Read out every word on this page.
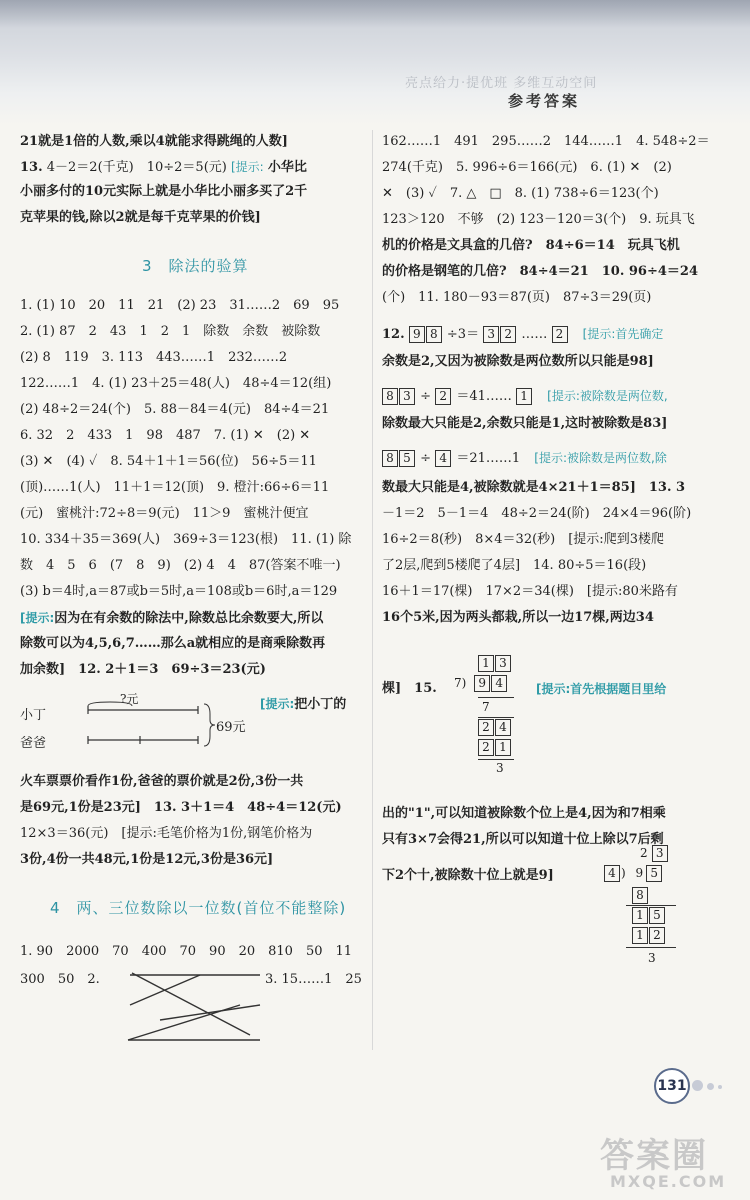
亮点给力·提优班 多维互动空间
参考答案
21就是1倍的人数,乘以4就能求得跳绳的人数]
13. 4－2＝2(千克)　10÷2＝5(元) [提示: 小华比
小丽多付的10元实际上就是小华比小丽多买了2千
克苹果的钱,除以2就是每千克苹果的价钱]
3　除法的验算
1. (1) 10　20　11　21　(2) 23　31……2　69　95
2. (1) 87　2　43　1　2　1　除数　余数　被除数
(2) 8　119　3. 113　443……1　232……2
122……1　4. (1) 23＋25＝48(人)　48÷4＝12(组)
(2) 48÷2＝24(个)　5. 88－84＝4(元)　84÷4＝21
6. 32　2　433　1　98　487　7. (1) ✕　(2) ✕
(3) ✕　(4) ✓　8. 54＋1＋1＝56(位)　56÷5＝11
(顶)……1(人)　11＋1＝12(顶)　9. 橙汁:66÷6＝11
(元)　蜜桃汁:72÷8＝9(元)　11＞9　蜜桃汁便宜
10. 334＋35＝369(人)　369÷3＝123(根)　11. (1) 除
数　4　5　6　(7　8　9)　(2) 4　4　87(答案不唯一)
(3) b＝4时,a＝87或b＝5时,a＝108或b＝6时,a＝129
[提示:因为在有余数的除法中,除数总比余数要大,所以
除数可以为4,5,6,7……那么a就相应的是商乘除数再
加余数]　12. 2＋1＝3　69÷3＝23(元)
?元
小丁
爸爸
69元
[提示:把小丁的
火车票票价看作1份,爸爸的票价就是2份,3份一共
是69元,1份是23元]　13. 3＋1＝4　48÷4＝12(元)
12×3＝36(元)　[提示:毛笔价格为1份,钢笔价格为
3份,4份一共48元,1份是12元,3份是36元]
4　两、三位数除以一位数(首位不能整除)
1. 90　2000　70　400　70　90　20　810　50　11
300　50　2.	3. 15……1　25
162……1　491　295……2　144……1　4. 548÷2＝
274(千克)　5. 996÷6＝166(元)　6. (1) ✕　(2)
✕　(3) ✓　7. △　□　8. (1) 738÷6＝123(个)
123＞120　不够　(2) 123－120＝3(个)　9. 玩具飞
机的价格是文具盒的几倍?　84÷6＝14　玩具飞机
的价格是钢笔的几倍?　84÷4＝21　10. 96÷4＝24
(个)　11. 180－93＝87(页)　87÷3＝29(页)
12. 9 8 ÷3＝ 3 2 …… 2 [提示:首先确定
余数是2,又因为被除数是两位数所以只能是98]
8 3 ÷ 2 ＝41…… 1 [提示:被除数是两位数,
除数最大只能是2,余数只能是1,这时被除数是83]
8 5 ÷ 4 ＝21……1 [提示:被除数是两位数,除
数最大只能是4,被除数就是4×21＋1＝85]　13. 3
－1＝2　5－1＝4　48÷2＝24(阶)　24×4＝96(阶)
16÷2＝8(秒)　8×4＝32(秒)　[提示:爬到3楼爬
了2层,爬到5楼爬了4层]　14. 80÷5＝16(段)
16＋1＝17(棵)　17×2＝34(棵)　[提示:80米路有
16个5米,因为两头都栽,所以一边17棵,两边34
棵]　15.	[提示:首先根据题目里给
1 3
7) 9 4
7
2 4
2 1
3
出的"1",可以知道被除数个位上是4,因为和7相乘
只有3×7会得21,所以可以知道十位上除以7后剩
下2个十,被除数十位上就是9]
2 3
4 ) 9 5
8
1 5
1 2
3
131
答案圈
MXQE.COM
